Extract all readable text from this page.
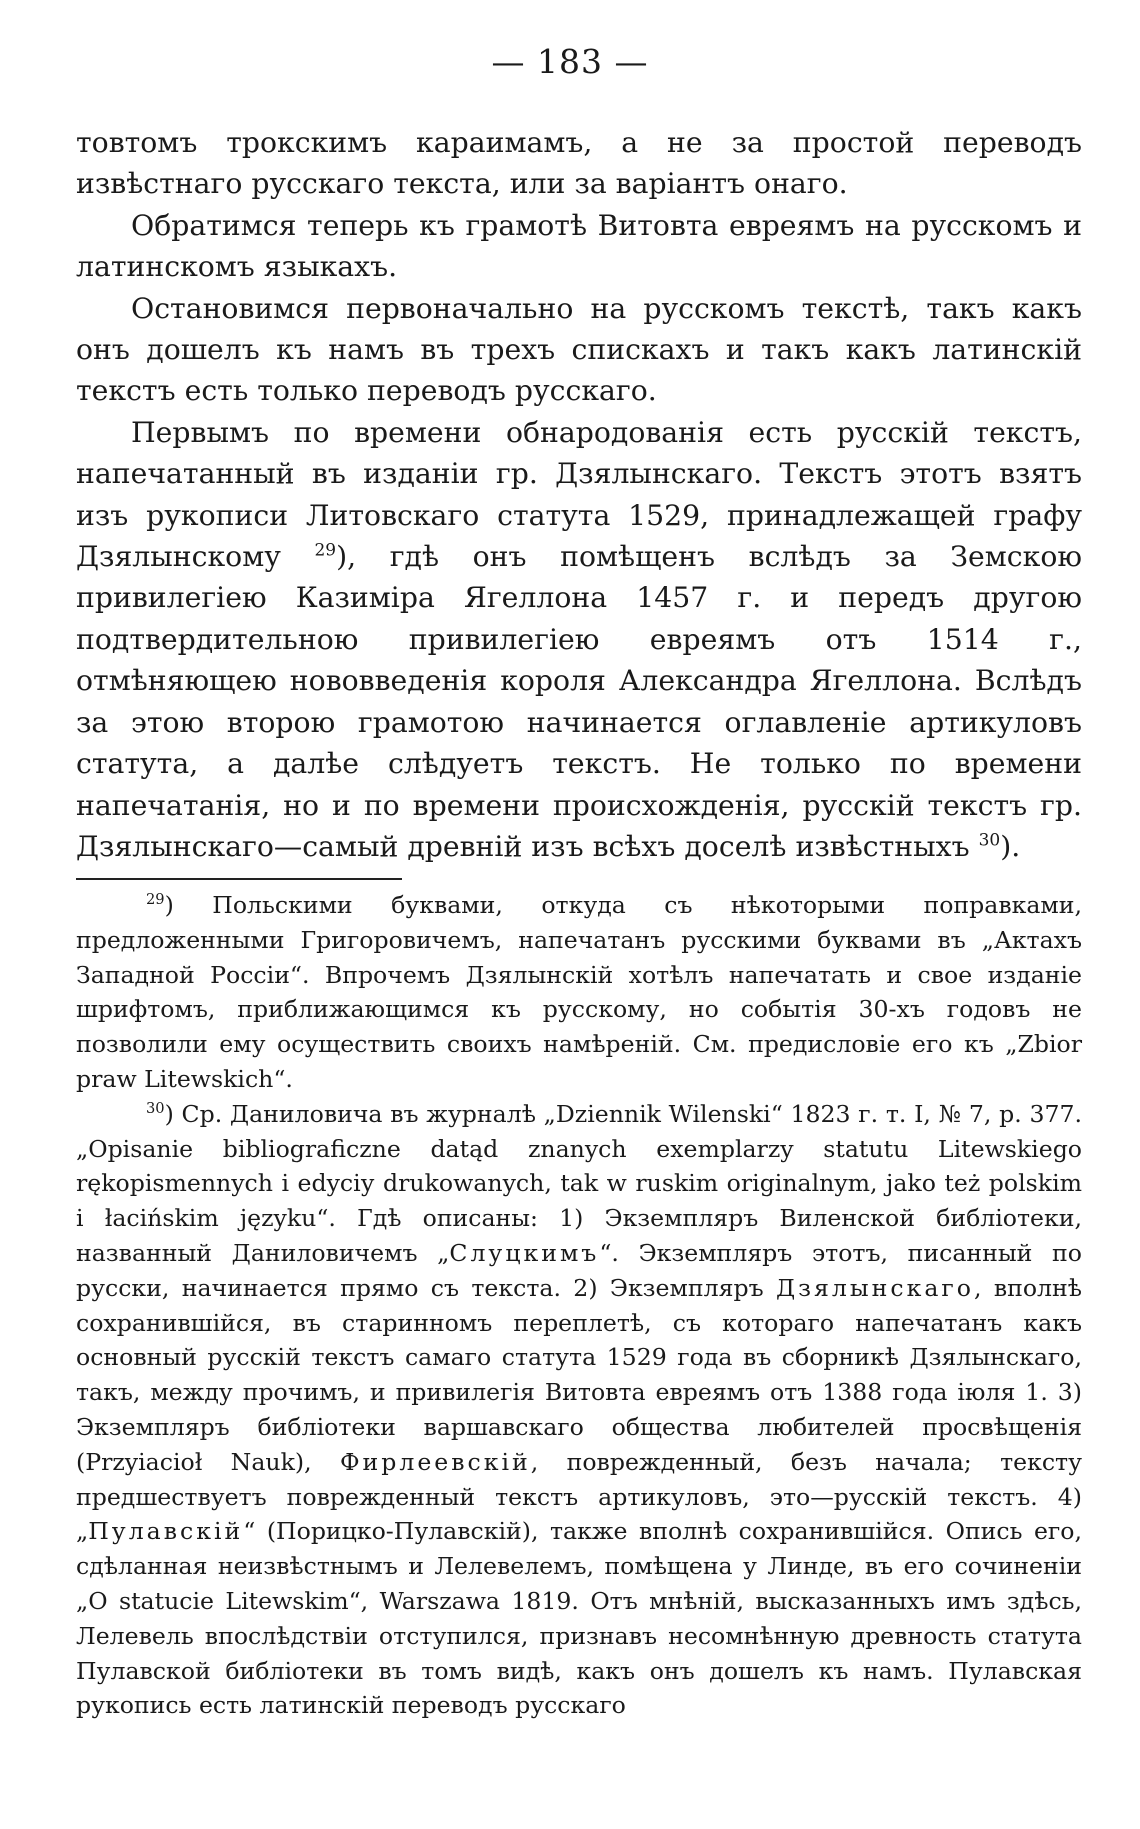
— 183 —

товтомъ трокскимъ караимамъ, а не за простой переводъ извѣстнаго русскаго текста, или за варіантъ онаго.

Обратимся теперь къ грамотѣ Витовта евреямъ на русскомъ и латинскомъ языкахъ.

Остановимся первоначально на русскомъ текстѣ, такъ какъ онъ дошелъ къ намъ въ трехъ спискахъ и такъ какъ латинскій текстъ есть только переводъ русскаго.

Первымъ по времени обнародованія есть русскій текстъ, напечатанный въ изданіи гр. Дзялынскаго. Текстъ этотъ взятъ изъ рукописи Литовскаго статута 1529, принадлежащей графу Дзялынскому $^{29}$), гдѣ онъ помѣщенъ вслѣдъ за Земскою привилегіею Казиміра Ягеллона 1457 г. и передъ другою подтвердительною привилегіею евреямъ отъ 1514 г., отмѣняющею нововведенія короля Александра Ягеллона. Вслѣдъ за этою второю грамотою начинается оглавленіе артикуловъ статута, а далѣе слѣдуетъ текстъ. Не только по времени напечатанія, но и по времени происхожденія, русскій текстъ гр. Дзялынскаго—самый древній изъ всѣхъ доселѣ извѣстныхъ $^{30}$).

$^{29}$) Польскими буквами, откуда съ нѣкоторыми поправками, предложенными Григоровичемъ, напечатанъ русскими буквами въ „Актахъ Западной Россіи“. Впрочемъ Дзялынскій хотѣлъ напечатать и свое изданіе шрифтомъ, приближающимся къ русскому, но событія 30-хъ годовъ не позволили ему осуществить своихъ намѣреній. См. предисловіе его къ „Zbior praw Litewskich“.

$^{30}$) Ср. Даниловича въ журналѣ „Dziennik Wilenski“ 1823 г. т. I, № 7, p. 377. „Opisanie bibliograficzne datąd znanych exemplarzy statutu Litewskiego rękopismennych i edycіу drukowanych, tak w ruskim originalnym, jako też polskim i łacińskim języku“. Гдѣ описаны: 1) Экземпляръ Виленской библіотеки, названный Даниловичемъ „Слуцкимъ“. Экземпляръ этотъ, писанный по русски, начинается прямо съ текста. 2) Экземпляръ Дзялынскаго, вполнѣ сохранившійся, въ старинномъ переплетѣ, съ котораго напечатанъ какъ основный русскій текстъ самаго статута 1529 года въ сборникѣ Дзялынскаго, такъ, между прочимъ, и привилегія Витовта евреямъ отъ 1388 года іюля 1. 3) Экземпляръ библіотеки варшавскаго общества любителей просвѣщенія (Przyiacioł Nauk), Фирлеевскій, поврежденный, безъ начала; тексту предшествуетъ поврежденный текстъ артикуловъ, это—русскій текстъ. 4) „Пулавскій“ (Порицко-Пулавскій), также вполнѣ сохранившійся. Опись его, сдѣланная неизвѣстнымъ и Лелевелемъ, помѣщена у Линде, въ его сочиненіи „O statucie Litewskim“, Warszawa 1819. Отъ мнѣній, высказанныхъ имъ здѣсь, Лелевель впослѣдствіи отступился, признавъ несомнѣнную древность статута Пулавской библіотеки въ томъ видѣ, какъ онъ дошелъ къ намъ. Пулавская рукопись есть латинскій переводъ русскаго
